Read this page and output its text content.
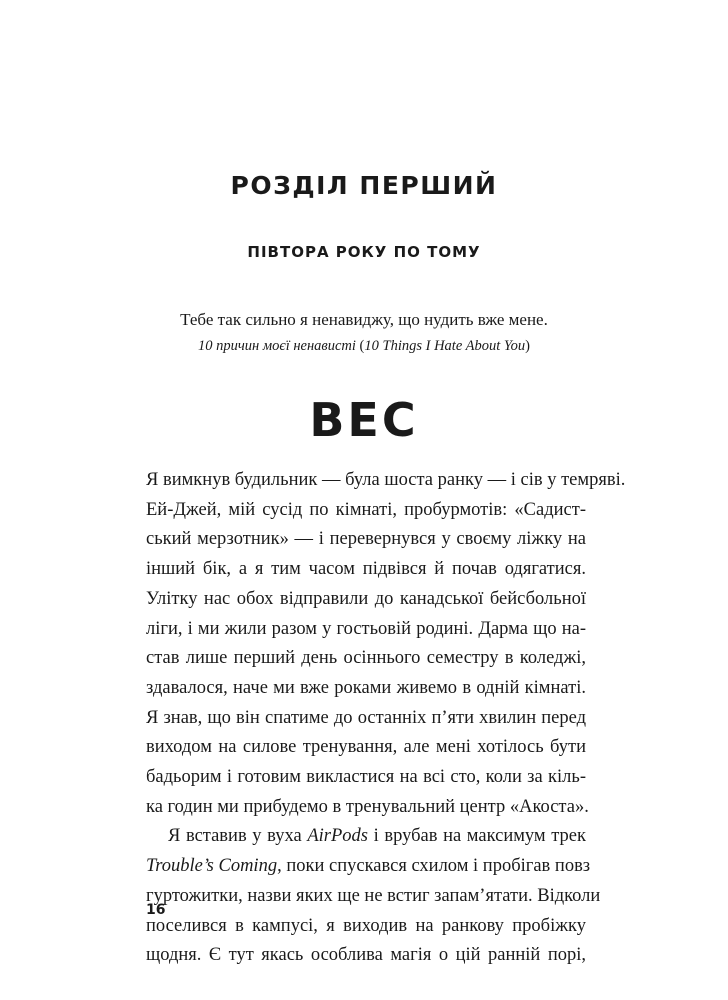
РОЗДІЛ ПЕРШИЙ
ПІВТОРА РОКУ ПО ТОМУ
Тебе так сильно я ненавиджу, що нудить вже мене.
10 причин моєї ненависті (10 Things I Hate About You)
ВЕС
Я вимкнув будильник — була шоста ранку — і сів у темряві.
Ей-Джей, мій сусід по кімнаті, пробурмотів: «Садист-
ський мерзотник» — і перевернувся у своєму ліжку на
інший бік, а я тим часом підвівся й почав одягатися.
Улітку нас обох відправили до канадської бейсбольної
ліги, і ми жили разом у гостьовій родині. Дарма що на-
став лише перший день осіннього семестру в коледжі,
здавалося, наче ми вже роками живемо в одній кімнаті.
Я знав, що він спатиме до останніх п’яти хвилин перед
виходом на силове тренування, але мені хотілось бути
бадьорим і готовим викластися на всі сто, коли за кіль-
ка годин ми прибудемо в тренувальний центр «Акоста».
Я вставив у вуха AirPods і врубав на максимум трек
Trouble’s Coming, поки спускався схилом і пробігав повз
гуртожитки, назви яких ще не встиг запам’ятати. Відколи
поселився в кампусі, я виходив на ранкову пробіжку
щодня. Є тут якась особлива магія о цій ранній порі,
16
